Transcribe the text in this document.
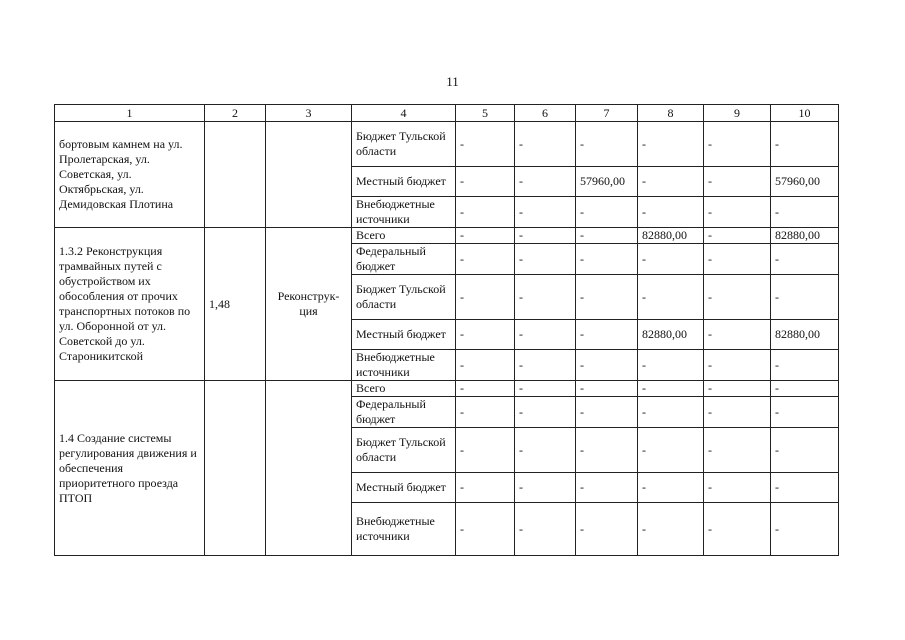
11
1	2	3	4	5	6	7	8	9	10
бортовым камнем на ул. Пролетарская, ул. Советская, ул. Октябрьская, ул. Демидовская Плотина			Бюджет Тульской области	-	-	-	-	-	-
			Местный бюджет	-	-	57960,00	-	-	57960,00
			Внебюджетные источники	-	-	-	-	-	-
1.3.2 Реконструкция трамвайных путей с обустройством их обособления от прочих транспортных потоков по ул. Оборонной от ул. Советской до ул. Староникитской	1,48	Реконструк-ция	Всего	-	-	-	82880,00	-	82880,00
			Федеральный бюджет	-	-	-	-	-	-
			Бюджет Тульской области	-	-	-	-	-	-
			Местный бюджет	-	-	-	82880,00	-	82880,00
			Внебюджетные источники	-	-	-	-	-	-
1.4 Создание системы регулирования движения и обеспечения приоритетного проезда ПТОП			Всего	-	-	-	-	-	-
			Федеральный бюджет	-	-	-	-	-	-
			Бюджет Тульской области	-	-	-	-	-	-
			Местный бюджет	-	-	-	-	-	-
			Внебюджетные источники	-	-	-	-	-	-
